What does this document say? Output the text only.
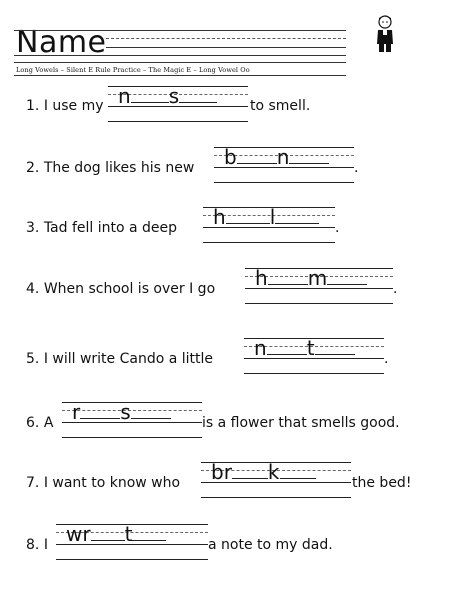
Name
Long Vowels – Silent E Rule Practice – The Magic E – Long Vowel Oo
1. I use my n s	to smell.
2. The dog likes his new b n	.
3. Tad fell into a deep h l	.
4. When school is over I go h m	.
5. I will write Cando a little n t	.
6. A r s	is a flower that smells good.
7. I want to know who br k	the bed!
8. I wr t	a note to my dad.
